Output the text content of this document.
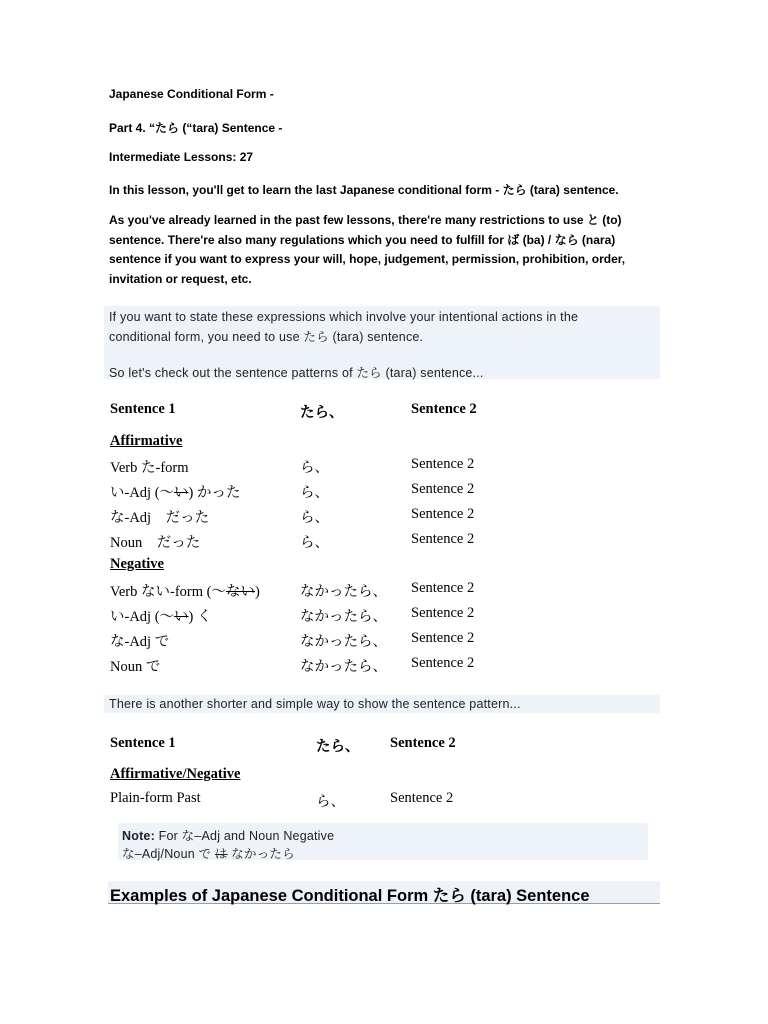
Japanese Conditional Form -
Part 4. “たら (“tara) Sentence -
Intermediate Lessons: 27
In this lesson, you'll get to learn the last Japanese conditional form - たら (tara) sentence.
As you've already learned in the past few lessons, there're many restrictions to use と (to)
sentence. There're also many regulations which you need to fulfill for ば (ba) / なら (nara)
sentence if you want to express your will, hope, judgement, permission, prohibition, order,
invitation or request, etc.
If you want to state these expressions which involve your intentional actions in the
conditional form, you need to use たら (tara) sentence.
So let's check out the sentence patterns of たら (tara) sentence...
Sentence 1	たら、	Sentence 2
Affirmative
Verb た-form	ら、	Sentence 2
い-Adj (〜い) かった	ら、	Sentence 2
な-Adj　だった	ら、	Sentence 2
Noun　だった	ら、	Sentence 2
Negative
Verb ない-form (〜ない)	なかったら、 Sentence 2
い-Adj (〜い) く	なかったら、 Sentence 2
な-Adj で	なかったら、 Sentence 2
Noun で	なかったら、 Sentence 2
There is another shorter and simple way to show the sentence pattern...
Sentence 1	たら、 Sentence 2
Affirmative/Negative
Plain-form Past	ら、	Sentence 2
Note: For な–Adj and Noun Negative
な–Adj/Noun で は なかったら
Examples of Japanese Conditional Form たら (tara) Sentence
